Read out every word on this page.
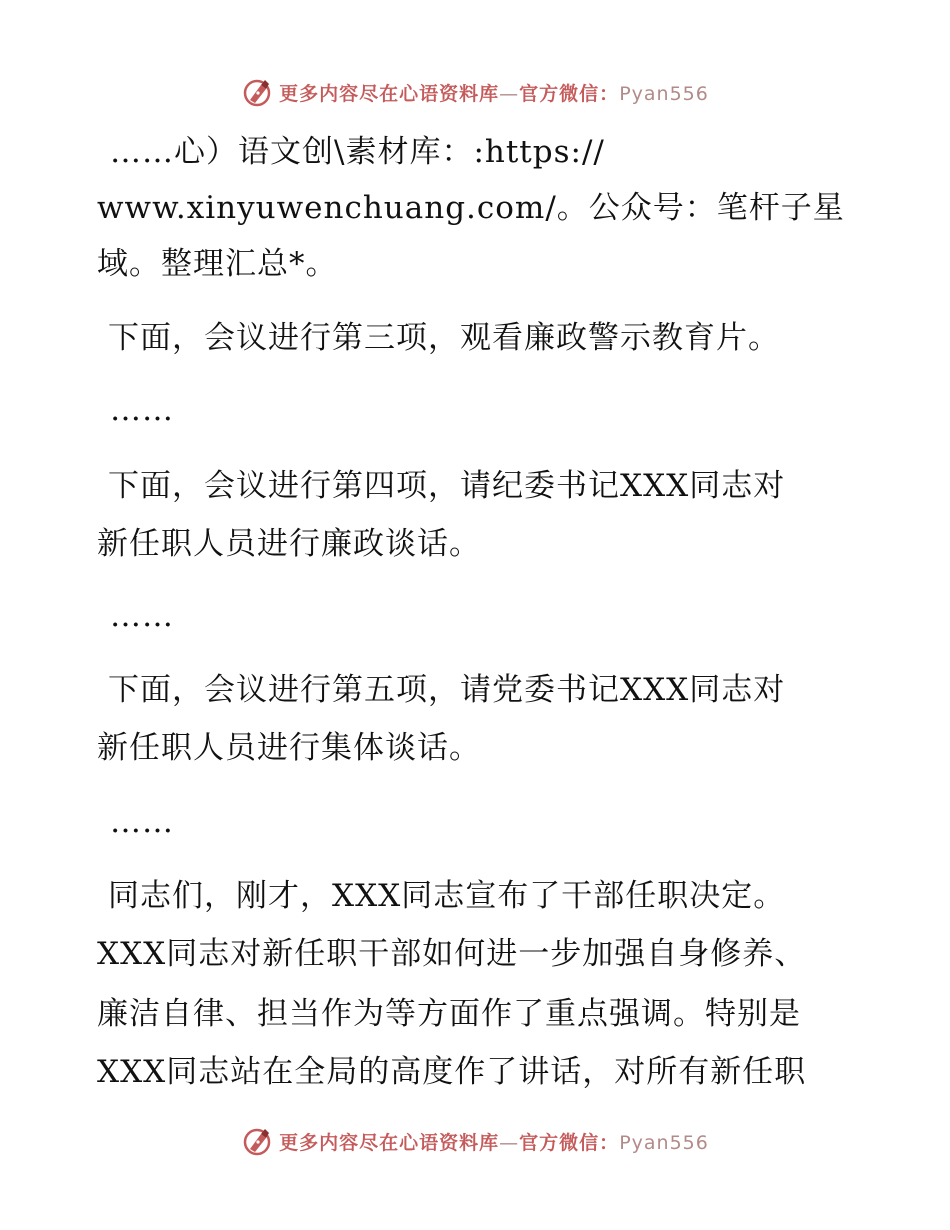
更多内容尽在心语资料库—官方微信：Pyan556
……心）语文创\素材库：:https://
www.xinyuwenchuang.com/。公众号：笔杆子星
域。整理汇总*。
下面，会议进行第三项，观看廉政警示教育片。
……
下面，会议进行第四项，请纪委书记XXX同志对
新任职人员进行廉政谈话。
……
下面，会议进行第五项，请党委书记XXX同志对
新任职人员进行集体谈话。
……
同志们，刚才，XXX同志宣布了干部任职决定。
XXX同志对新任职干部如何进一步加强自身修养、
廉洁自律、担当作为等方面作了重点强调。特别是
XXX同志站在全局的高度作了讲话，对所有新任职
更多内容尽在心语资料库—官方微信：Pyan556
